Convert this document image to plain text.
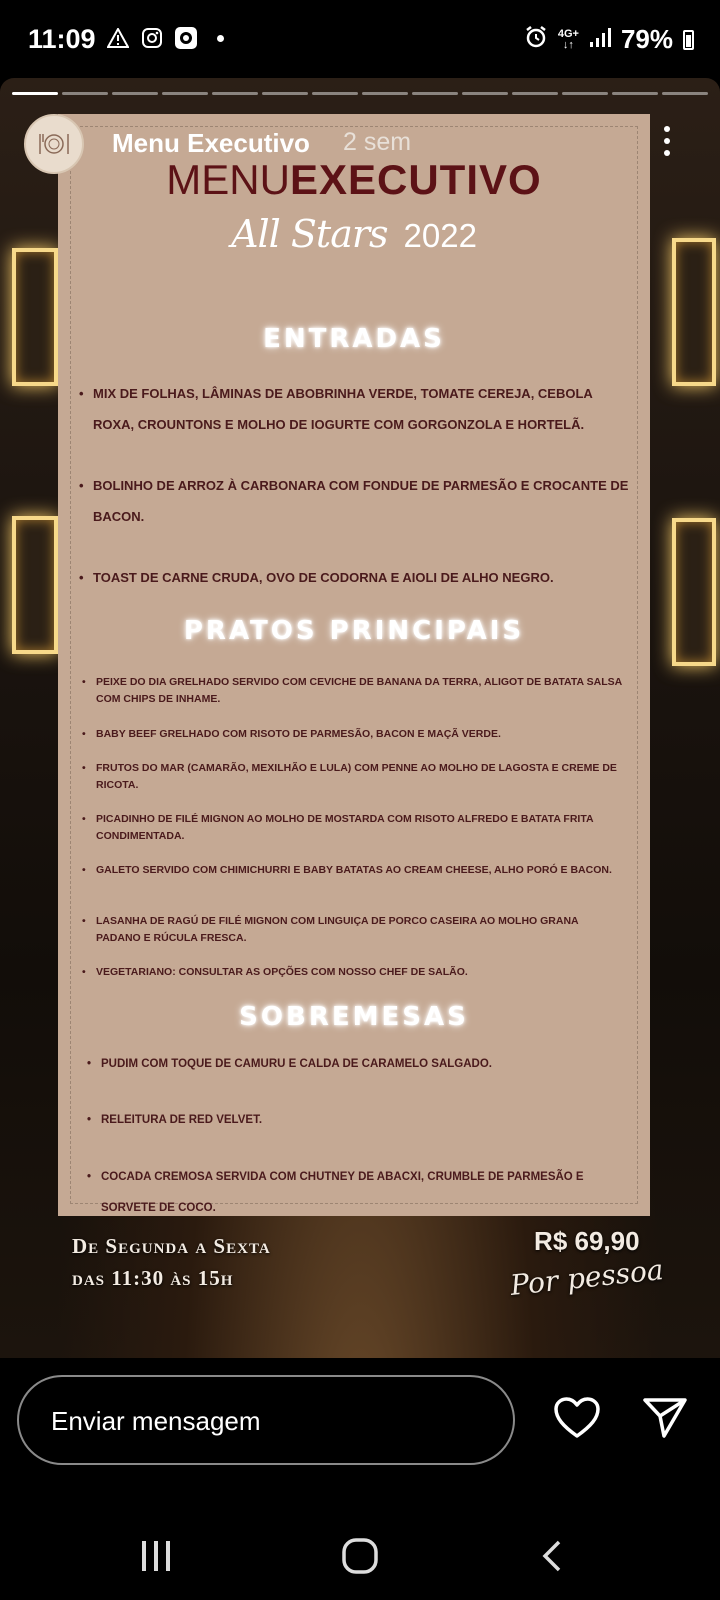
11:09	4G+
↓↑ 79%
MENUEXECUTIVO
All Stars 2022
ENTRADAS
• MIX DE FOLHAS, LÂMINAS DE ABOBRINHA VERDE, TOMATE CEREJA, CEBOLA ROXA, CROUNTONS E MOLHO DE IOGURTE COM GORGONZOLA E HORTELÃ.
• BOLINHO DE ARROZ À CARBONARA COM FONDUE DE PARMESÃO E CROCANTE DE BACON.
• TOAST DE CARNE CRUDA, OVO DE CODORNA E AIOLI DE ALHO NEGRO.
PRATOS PRINCIPAIS
• PEIXE DO DIA GRELHADO SERVIDO COM CEVICHE DE BANANA DA TERRA, ALIGOT DE BATATA SALSA COM CHIPS DE INHAME.
• BABY BEEF GRELHADO COM RISOTO DE PARMESÃO, BACON E MAÇÃ VERDE.
• FRUTOS DO MAR (CAMARÃO, MEXILHÃO E LULA) COM PENNE AO MOLHO DE LAGOSTA E CREME DE RICOTA.
• PICADINHO DE FILÉ MIGNON AO MOLHO DE MOSTARDA COM RISOTO ALFREDO E BATATA FRITA CONDIMENTADA.
• GALETO SERVIDO COM CHIMICHURRI E BABY BATATAS AO CREAM CHEESE, ALHO PORÓ E BACON.
• LASANHA DE RAGÚ DE FILÉ MIGNON COM LINGUIÇA DE PORCO CASEIRA AO MOLHO GRANA PADANO E RÚCULA FRESCA.
• VEGETARIANO: CONSULTAR AS OPÇÕES COM NOSSO CHEF DE SALÃO.
SOBREMESAS
• PUDIM COM TOQUE DE CAMURU E CALDA DE CARAMELO SALGADO.
• RELEITURA DE RED VELVET.
• COCADA CREMOSA SERVIDA COM CHUTNEY DE ABACXI, CRUMBLE DE PARMESÃO E SORVETE DE COCO.
De Segunda a Sexta
das 11:30 às 15h
R$ 69,90
Por pessoa
Menu Executivo 2 sem
Enviar mensagem
